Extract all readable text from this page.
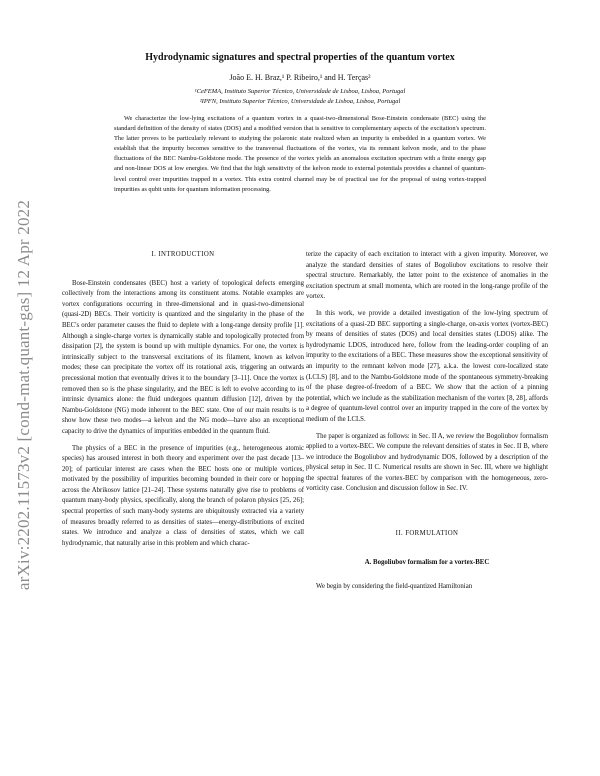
arXiv:2202.11573v2 [cond-mat.quant-gas] 12 Apr 2022
Hydrodynamic signatures and spectral properties of the quantum vortex
João E. H. Braz,¹ P. Ribeiro,¹ and H. Terças²
¹CeFEMA, Instituto Superior Técnico, Universidade de Lisboa, Lisboa, Portugal
²IPFN, Instituto Superior Técnico, Universidade de Lisboa, Lisboa, Portugal

We characterize the low-lying excitations of a quantum vortex in a quasi-two-dimensional Bose-Einstein condensate (BEC) using the standard definition of the density of states (DOS) and a modified version that is sensitive to complementary aspects of the excitation's spectrum. The latter proves to be particularly relevant to studying the polaronic state realized when an impurity is embedded in a quantum vortex. We establish that the impurity becomes sensitive to the transversal fluctuations of the vortex, via its remnant kelvon mode, and to the phase fluctuations of the BEC Nambu-Goldstone mode. The presence of the vortex yields an anomalous excitation spectrum with a finite energy gap and non-linear DOS at low energies. We find that the high sensitivity of the kelvon mode to external potentials provides a channel of quantum-level control over impurities trapped in a vortex. This extra control channel may be of practical use for the proposal of using vortex-trapped impurities as qubit units for quantum information processing.

I. INTRODUCTION

Bose-Einstein condensates (BEC) host a variety of topological defects emerging collectively from the interactions among its constituent atoms. Notable examples are vortex configurations occurring in three-dimensional and in quasi-two-dimensional (quasi-2D) BECs. Their vorticity is quantized and the singularity in the phase of the BEC's order parameter causes the fluid to deplete with a long-range density profile [1]. Although a single-charge vortex is dynamically stable and topologically protected from dissipation [2], the system is bound up with multiple dynamics. For one, the vortex is intrinsically subject to the transversal excitations of its filament, known as kelvon modes; these can precipitate the vortex off its rotational axis, triggering an outwards precessional motion that eventually drives it to the boundary [3–11]. Once the vortex is removed then so is the phase singularity, and the BEC is left to evolve according to its intrinsic dynamics alone: the fluid undergoes quantum diffusion [12], driven by the Nambu-Goldstone (NG) mode inherent to the BEC state. One of our main results is to show how these two modes—a kelvon and the NG mode—have also an exceptional capacity to drive the dynamics of impurities embedded in the quantum fluid.

The physics of a BEC in the presence of impurities (e.g., heterogeneous atomic species) has aroused interest in both theory and experiment over the past decade [13–20]; of particular interest are cases when the BEC hosts one or multiple vortices, motivated by the possibility of impurities becoming bounded in their core or hopping across the Abrikosov lattice [21–24]. These systems naturally give rise to problems of quantum many-body physics, specifically, along the branch of polaron physics [25, 26]; spectral properties of such many-body systems are ubiquitously extracted via a variety of measures broadly referred to as densities of states—energy-distributions of excited states. We introduce and analyze a class of densities of states, which we call hydrodynamic, that naturally arise in this problem and which charac-

terize the capacity of each excitation to interact with a given impurity. Moreover, we analyze the standard densities of states of Bogoliubov excitations to resolve their spectral structure. Remarkably, the latter point to the existence of anomalies in the excitation spectrum at small momenta, which are rooted in the long-range profile of the vortex.

In this work, we provide a detailed investigation of the low-lying spectrum of excitations of a quasi-2D BEC supporting a single-charge, on-axis vortex (vortex-BEC) by means of densities of states (DOS) and local densities states (LDOS) alike. The hydrodynamic LDOS, introduced here, follow from the leading-order coupling of an impurity to the excitations of a BEC. These measures show the exceptional sensitivity of an impurity to the remnant kelvon mode [27], a.k.a. the lowest core-localized state (LCLS) [8], and to the Nambu-Goldstone mode of the spontaneous symmetry-breaking of the phase degree-of-freedom of a BEC. We show that the action of a pinning potential, which we include as the stabilization mechanism of the vortex [8, 28], affords a degree of quantum-level control over an impurity trapped in the core of the vortex by medium of the LCLS.

The paper is organized as follows: in Sec. II A, we review the Bogoliubov formalism applied to a vortex-BEC. We compute the relevant densities of states in Sec. II B, where we introduce the Bogoliubov and hydrodynamic DOS, followed by a description of the physical setup in Sec. II C. Numerical results are shown in Sec. III, where we highlight the spectral features of the vortex-BEC by comparison with the homogeneous, zero-vorticity case. Conclusion and discussion follow in Sec. IV.

II. FORMULATION
A. Bogoliubov formalism for a vortex-BEC

We begin by considering the field-quantized Hamiltonian
